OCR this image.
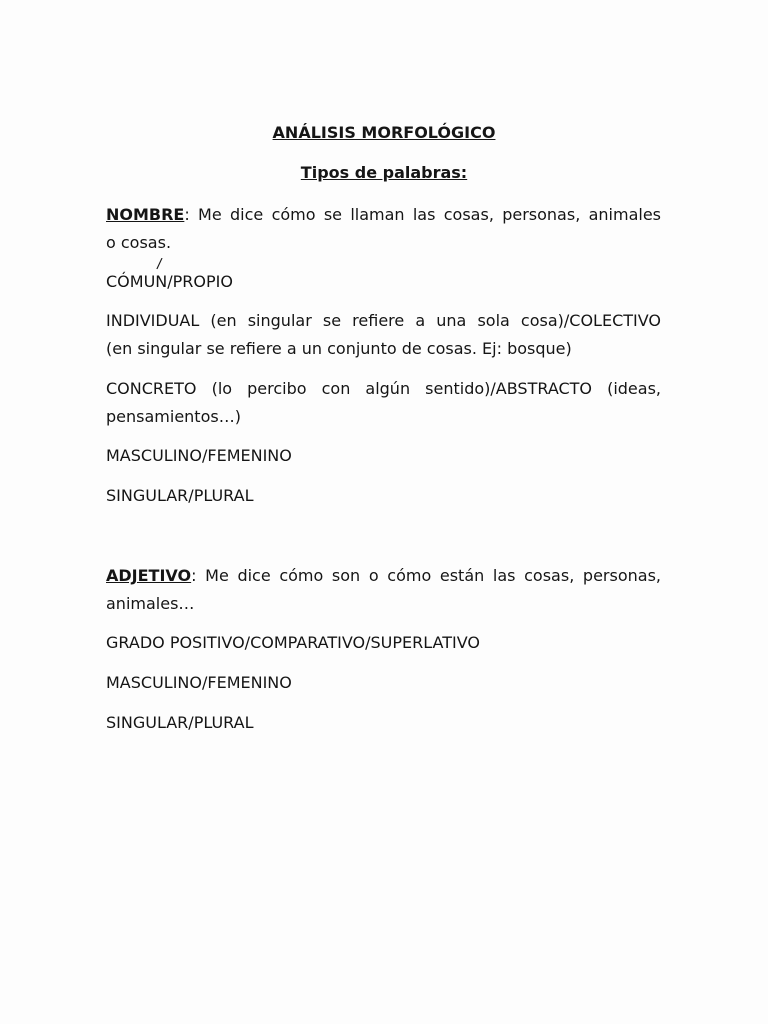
ANÁLISIS MORFOLÓGICO
Tipos de palabras:
NOMBRE: Me dice cómo se llaman las cosas, personas, animales
o cosas.
/
CÓMUN/PROPIO
INDIVIDUAL (en singular se refiere a una sola cosa)/COLECTIVO
(en singular se refiere a un conjunto de cosas. Ej: bosque)
CONCRETO (lo percibo con algún sentido)/ABSTRACTO (ideas,
pensamientos…)
MASCULINO/FEMENINO
SINGULAR/PLURAL
ADJETIVO: Me dice cómo son o cómo están las cosas, personas,
animales…
GRADO POSITIVO/COMPARATIVO/SUPERLATIVO
MASCULINO/FEMENINO
SINGULAR/PLURAL
